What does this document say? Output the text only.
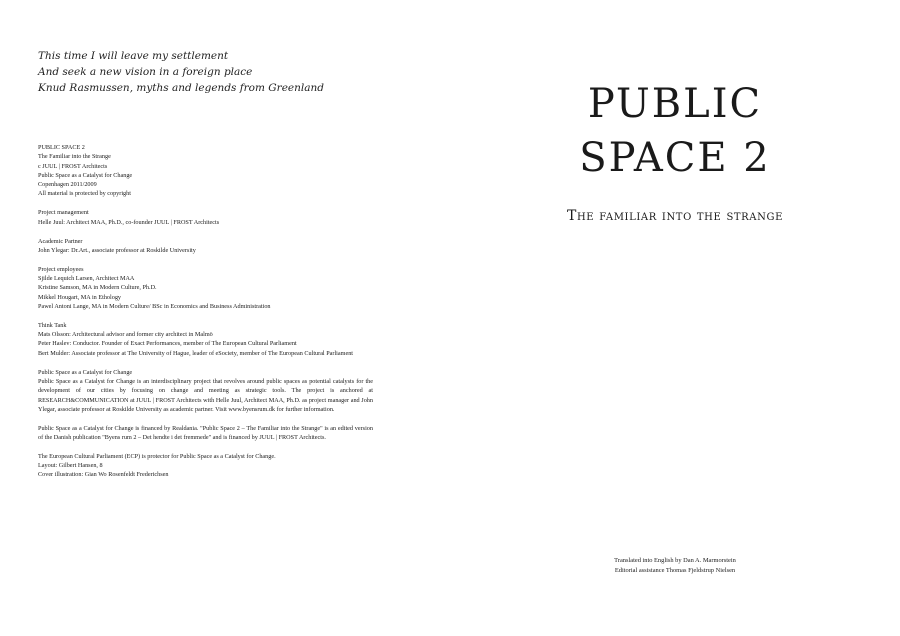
This time I will leave my settlement
And seek a new vision in a foreign place
Knud Rasmussen, myths and legends from Greenland
PUBLIC SPACE 2
The Familiar into the Strange
c JUUL | FROST Architects
Public Space as a Catalyst for Change
Copenhagen 2011/2009
All material is protected by copyright
Project management
Helle Juul: Architect MAA, Ph.D., co-founder JUUL | FROST Architects
Academic Partner
John Ylegar: Dr.Art., associate professor at Roskilde University
Project employees
Sjilde Lequich Larsen, Architect MAA
Kristine Samson, MA in Modern Culture, Ph.D.
Mikkel Hougart, MA in Ethology
Pawel Antoni Lange, MA in Modern Culture/ BSc in Economics and Business Administration
Think Tank
Mats Olsson: Architectural advisor and former city architect in Malmö
Peter Haslev: Conductor. Founder of Exact Performances, member of The European Cultural Parliament
Bert Mulder: Associate professor at The University of Hague, leader of eSociety, member of The European Cultural Parliament
Public Space as a Catalyst for Change
Public Space as a Catalyst for Change is an interdisciplinary project that revolves around public spaces as potential catalysts for the development of our cities by focusing on change and meeting as strategic tools. The project is anchored at RESEARCH&COMMUNICATION at JUUL | FROST Architects with Helle Juul, Architect MAA, Ph.D. as project manager and John Ylegar, associate professor at Roskilde University as academic partner. Visit www.byensrum.dk for further information.
Public Space as a Catalyst for Change is financed by Realdania. "Public Space 2 – The Familiar into the Strange" is an edited version of the Danish publication "Byens rum 2 – Det hendte i det fremmede" and is financed by JUUL | FROST Architects.
The European Cultural Parliament (ECP) is protector for Public Space as a Catalyst for Change.
Layout: Gilbert Hansen, 8
Cover illustration: Gian Wo Rosenfeldt Frederichsen
PUBLIC
SPACE 2
The familiar into the strange
Translated into English by Dan A. Marmorstein
Editorial assistance Thomas Fjeldstrup Nielsen
